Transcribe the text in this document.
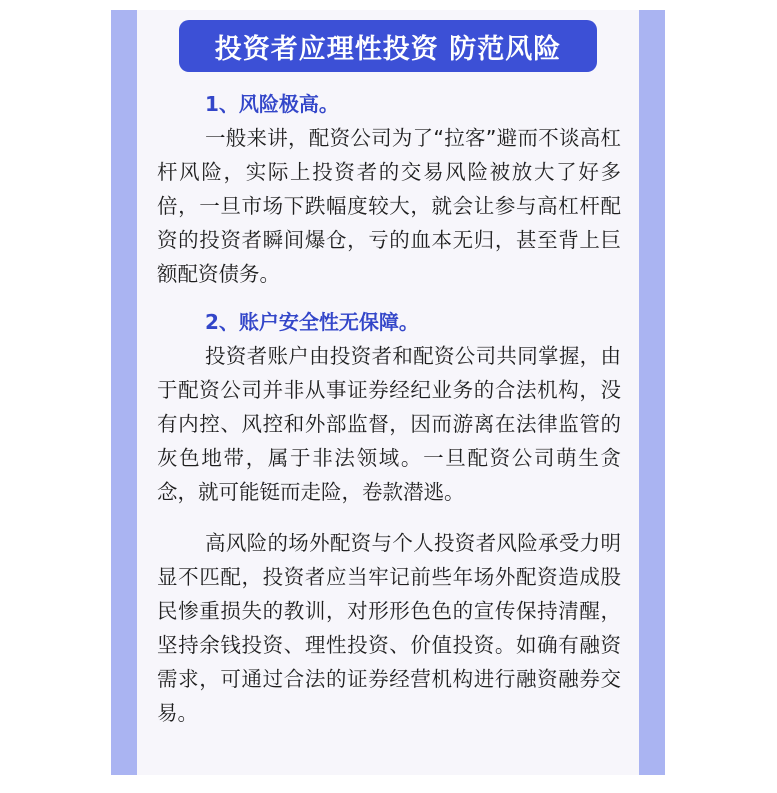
投资者应理性投资 防范风险
1、风险极高。

一般来讲，配资公司为了“拉客”避而不谈高杠杆风险，实际上投资者的交易风险被放大了好多倍，一旦市场下跌幅度较大，就会让参与高杠杆配资的投资者瞬间爆仓，亏的血本无归，甚至背上巨额配资债务。

2、账户安全性无保障。

投资者账户由投资者和配资公司共同掌握，由于配资公司并非从事证券经纪业务的合法机构，没有内控、风控和外部监督，因而游离在法律监管的灰色地带，属于非法领域。一旦配资公司萌生贪念，就可能铤而走险，卷款潜逃。

高风险的场外配资与个人投资者风险承受力明显不匹配，投资者应当牢记前些年场外配资造成股民惨重损失的教训，对形形色色的宣传保持清醒，坚持余钱投资、理性投资、价值投资。如确有融资需求，可通过合法的证券经营机构进行融资融券交易。
